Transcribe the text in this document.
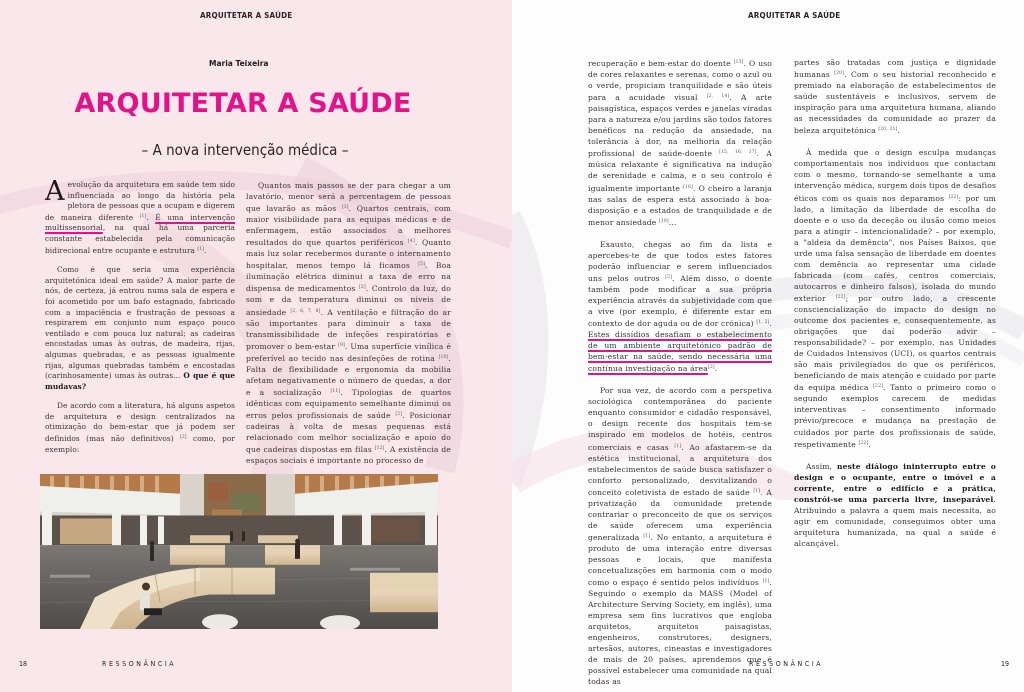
ARQUITETAR A SAÚDE
Maria Teixeira
ARQUITETAR A SAÚDE
– A nova intervenção médica –

Aevolução da arquitetura em saúde tem sido influenciada ao longo da história pela pletora de pessoas que a ocupam e digerem de maneira diferente [1]. É uma intervenção multissensorial, na qual há uma parceria constante estabelecida pela comunicação bidirecional entre ocupante e estrutura [1].

Como é que seria uma experiência arquitetónica ideal em saúde? A maior parte de nós, de certeza, já entrou numa sala de espera e foi acometido por um bafo estagnado, fabricado com a impaciência e frustração de pessoas a respirarem em conjunto num espaço pouco ventilado e com pouca luz natural; as cadeiras encostadas umas às outras, de madeira, rijas, algumas quebradas, e as pessoas igualmente rijas, algumas quebradas também e encostadas (carinhosamente) umas às outras... O que é que mudavas?

De acordo com a literatura, há alguns aspetos de arquitetura e design centralizados na otimização do bem-estar que já podem ser definidos (mas não definitivos) [2] como, por exemplo:

Quantos mais passos se der para chegar a um lavatório, menor será a percentagem de pessoas que lavarão as mãos [3]. Quartos centrais, com maior visibilidade para as equipas médicas e de enfermagem, estão associados a melhores resultados do que quartos periféricos [4]. Quanto mais luz solar recebermos durante o internamento hospitalar, menos tempo lá ficamos [5]. Boa iluminação elétrica diminui a taxa de erro na dispensa de medicamentos [2]. Controlo da luz, do som e da temperatura diminui os niveis de ansiedade [2, 6, 7, 8]. A ventilação e filtração do ar são importantes para diminuir a taxa de transmissibilidade de infeções respiratórias e promover o bem-estar [9]. Uma superfície vinílica é preferível ao tecido nas desinfeções de rotina [10]. Falta de flexibilidade e ergonomia da mobilia afetam negativamente o número de quedas, a dor e a socialização [11]. Tipologias de quartos idênticas com equipamento semelhante diminui os erros pelos profissionais de saúde [2]. Posicionar cadeiras à volta de mesas pequenas está relacionado com melhor socialização e apoio do que cadeiras dispostas em filas [12]. A existência de espaços sociais é importante no processo de

18	RESSONÂNCIA
ARQUITETAR A SAÚDE

recuperação e bem-estar do doente [13]. O uso de cores relaxantes e serenas, como o azul ou o verde, propiciam tranquilidade e são úteis para a acuidade visual [2, 14]. A arte paisagística, espaços verdes e janelas viradas para a natureza e/ou jardins são todos fatores benéficos na redução da ansiedade, na tolerância à dor, na melhoria da relação profissional de saúde-doente [15, 16, 17]. A música relaxante é significativa na indução de serenidade e calma, e o seu controlo é igualmente importante [18]. O cheiro a laranja nas salas de espera está associado à boa-disposição e a estados de tranquilidade e de menor ansiedade [19]...

Exausto, chegas ao fim da lista e apercebes-te de que todos estes fatores poderão influenciar e serem influenciados uns pelos outros [2]. Além disso, o doente também pode modificar a sua própria experiência através da subjetividade com que a vive (por exemplo, é diferente estar em contexto de dor aguda ou de dor crónica) [1, 2]. Estes dissídios desafiam o estabelecimento de um ambiente arquitetónico padrão de bem-estar na saúde, sendo necessária uma contínua investigação na área[2].

Por sua vez, de acordo com a perspetiva sociológica contemporânea do paciente enquanto consumidor e cidadão responsável, o design recente dos hospitais tem-se inspirado em modelos de hotéis, centros comerciais e casas [1]. Ao afastarem-se da estética institucional, a arquitetura dos estabelecimentos de saúde busca satisfazer o conforto personalizado, desvitalizando o conceito coletivista de estado de saúde [1]. A privatização da comunidade pretende contrariar o preconceito de que os serviços de saúde oferecem uma experiência generalizada [1]. No entanto, a arquitetura é produto de uma interação entre diversas pessoas e locais, que manifesta concetualizações em harmonia com o modo como o espaço é sentido pelos indivíduos [1]. Seguindo o exemplo da MASS (Model of Architecture Serving Society, em inglês), uma empresa sem fins lucrativos que engloba arquitetos, arquitetos paisagistas, engenheiros, construtores, designers, artesãos, autores, cineastas e investigadores de mais de 20 países, aprendemos que é possível estabelecer uma comunidade na qual todas as

partes são tratadas com justiça e dignidade humanas [20]. Com o seu historial reconhecido e premiado na elaboração de estabelecimentos de saúde sustentáveis e inclusivos, servem de inspiração para uma arquitetura humana, aliando as necessidades da comunidade ao prazer da beleza arquitetónica [20, 21].

À medida que o design esculpa mudanças comportamentais nos individuos que contactam com o mesmo, tornando-se semelhante a uma intervenção médica, surgem dois tipos de desafios éticos com os quais nos deparamos [22]: por um lado, a limitação da liberdade de escolha do doente e o uso da deceção ou ilusão como meios para a atingir – intencionalidade? – por exemplo, a "aldeia da demência", nos Países Baixos, que urde uma falsa sensação de liberdade em doentes com demência ao representar uma cidade fabricada (com cafés, centros comerciais, autocarros e dinheiro falsos), isolada do mundo exterior [22]; por outro lado, a crescente consciencialização do impacto do design no outcome dos pacientes e, consequentemente, as obrigações que daí poderão advir – responsabilidade? – por exemplo, nas Unidades de Cuidados Intensivos (UCI), os quartos centrais são mais privilegiados do que os periféricos, beneficiando de mais atenção e cuidado por parte da equipa médica [22]. Tanto o primeiro como o segundo exemplos carecem de medidas interventivas – consentimento informado prévio/precoce e mudança na prestação de cuidados por parte dos profissionais de saúde, respetivamente [22].

Assim, neste diálogo ininterrupto entre o design e o ocupante, entre o imóvel e a corrente, entre o edifício e a prática, constrói-se uma parceria livre, inseparável. Atribuindo a palavra a quem mais necessita, ao agir em comunidade, conseguimos obter uma arquitetura humanizada, na qual a saúde é alcançável.

RESSONÂNCIA	19
